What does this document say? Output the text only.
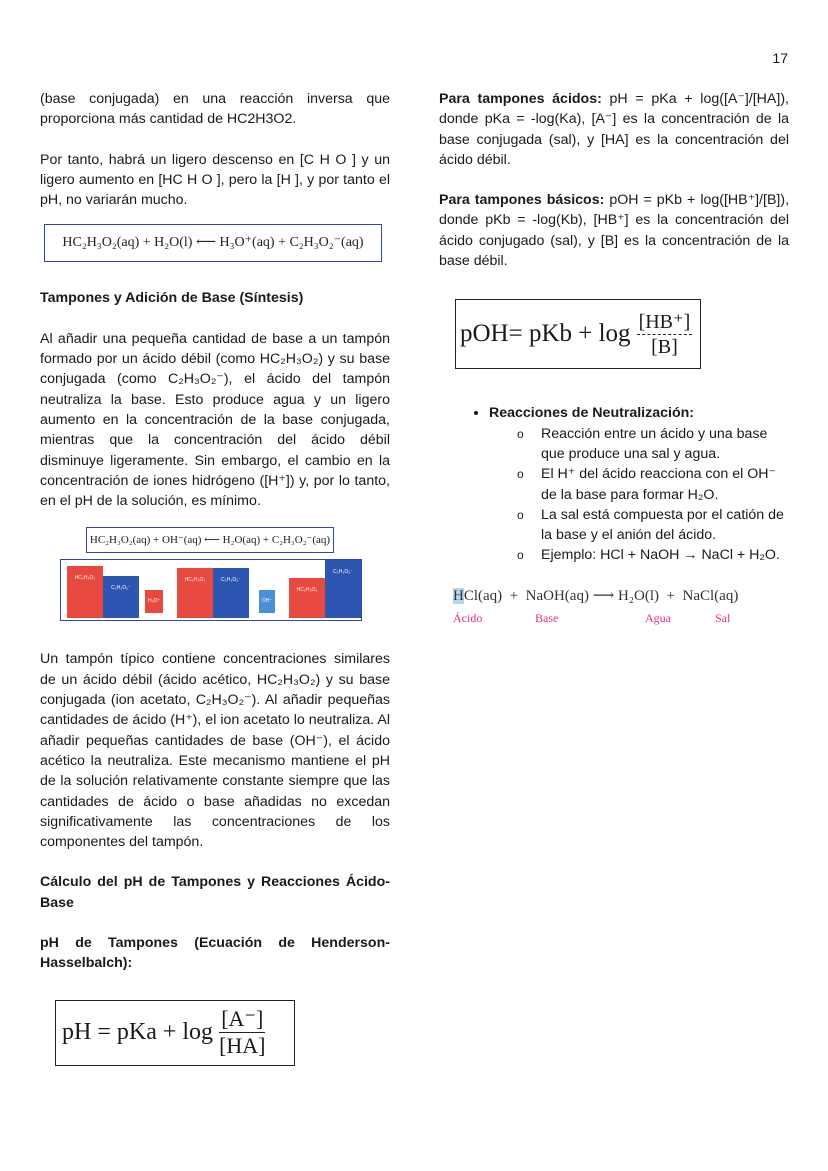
17

(base conjugada) en una reacción inversa que proporciona más cantidad de HC2H3O2.

Por tanto, habrá un ligero descenso en [C H O ] y un ligero aumento en [HC H O ], pero la [H ], y por tanto el pH, no variarán mucho.

HC₂H₃O₂(aq) + H₂O(l) ⟵ H₃O⁺(aq) + C₂H₃O₂⁻(aq)

Tampones y Adición de Base (Síntesis)

Al añadir una pequeña cantidad de base a un tampón formado por un ácido débil (como HC₂H₃O₂) y su base conjugada (como C₂H₃O₂⁻), el ácido del tampón neutraliza la base. Esto produce agua y un ligero aumento en la concentración de la base conjugada, mientras que la concentración del ácido débil disminuye ligeramente. Sin embargo, el cambio en la concentración de iones hidrógeno ([H⁺]) y, por lo tanto, en el pH de la solución, es mínimo.

HC₂H₃O₂(aq) + OH⁻(aq) ⟵ H₂O(aq) + C₂H₃O₂⁻(aq)
HC₂H₃O₂
C₂H₃O₂⁻
H₃O⁺
HC₂H₃O₂	C₂H₃O₂⁻
OH⁻
HC₂H₃O₂
C₂H₃O₂⁻

Un tampón típico contiene concentraciones similares de un ácido débil (ácido acético, HC₂H₃O₂) y su base conjugada (ion acetato, C₂H₃O₂⁻). Al añadir pequeñas cantidades de ácido (H⁺), el ion acetato lo neutraliza. Al añadir pequeñas cantidades de base (OH⁻), el ácido acético la neutraliza. Este mecanismo mantiene el pH de la solución relativamente constante siempre que las cantidades de ácido o base añadidas no excedan significativamente las concentraciones de los componentes del tampón.

Cálculo del pH de Tampones y Reacciones Ácido-Base

pH de Tampones (Ecuación de Henderson-Hasselbalch):

pH = pKa + $\log \frac{[A^-]}{[HA]}$

Para tampones ácidos: pH = pKa + log([A⁻]/[HA]), donde pKa = -log(Ka), [A⁻] es la concentración de la base conjugada (sal), y [HA] es la concentración del ácido débil.

Para tampones básicos: pOH = pKb + log([HB⁺]/[B]), donde pKb = -log(Kb), [HB⁺] es la concentración del ácido conjugado (sal), y [B] es la concentración de la base débil.

pOH= pKb + $\log \frac{[HB^+]}{[B]}$
• Reacciones de Neutralización:
o Reacción entre un ácido y una base que produce una sal y agua.
o El H⁺ del ácido reacciona con el OH⁻ de la base para formar H₂O.
o La sal está compuesta por el catión de la base y el anión del ácido.
o Ejemplo: HCl + NaOH → NaCl + H₂O.
HCl(aq) + NaOH(aq) ⟶ H₂O(l) + NaCl(aq)
Ácido	Base	Agua	Sal
